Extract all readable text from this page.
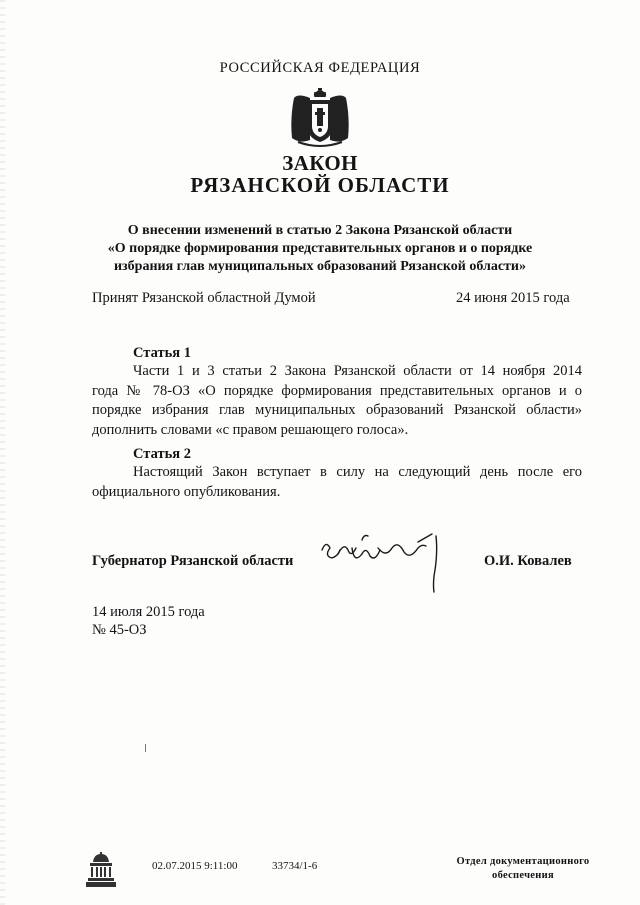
РОССИЙСКАЯ ФЕДЕРАЦИЯ
ЗАКОН
РЯЗАНСКОЙ ОБЛАСТИ
О внесении изменений в статью 2 Закона Рязанской области
«О порядке формирования представительных органов и о порядке
избрания глав муниципальных образований Рязанской области»
Принят Рязанской областной Думой	24 июня 2015 года
Статья 1
Части 1 и 3 статьи 2 Закона Рязанской области от 14 ноября 2014
года № 78-ОЗ «О порядке формирования представительных органов и о
порядке избрания глав муниципальных образований Рязанской области»
дополнить словами «с правом решающего голоса».
Статья 2
Настоящий Закон вступает в силу на следующий день после его
официального опубликования.
Губернатор Рязанской области	О.И. Ковалев
14 июля 2015 года
№ 45-ОЗ
02.07.2015 9:11:00	33734/1-6	Отдел документационного
обеспечения
